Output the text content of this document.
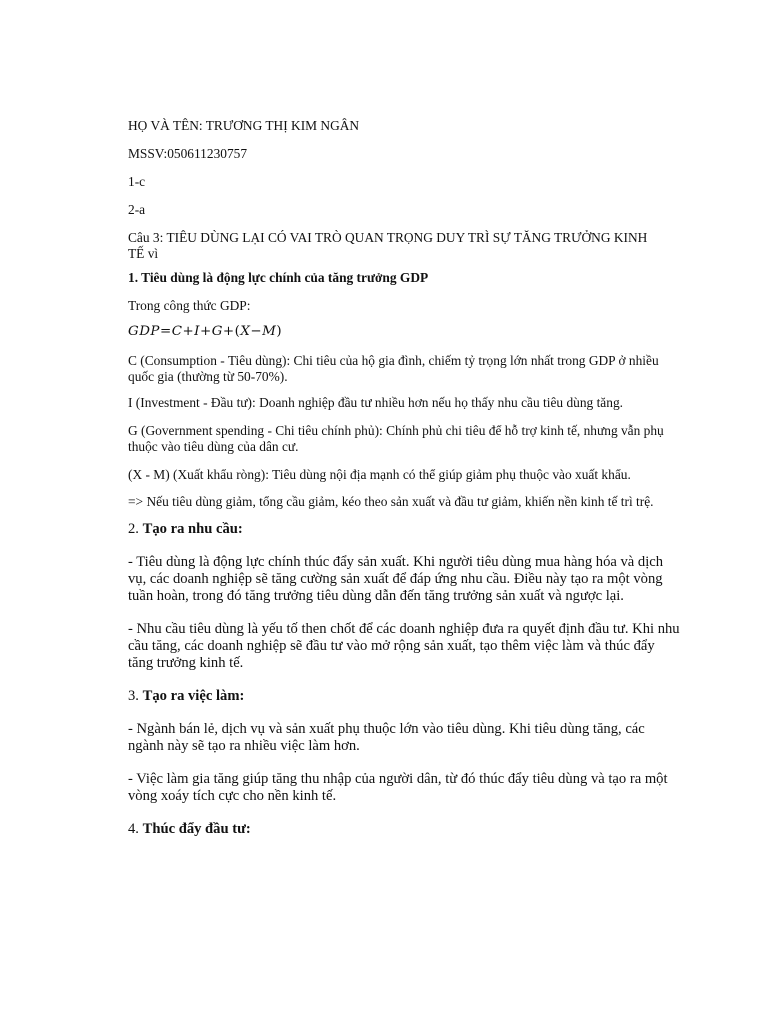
HỌ VÀ TÊN: TRƯƠNG THỊ KIM NGÂN

MSSV:050611230757

1-c

2-a

Câu 3: TIÊU DÙNG LẠI CÓ VAI TRÒ QUAN TRỌNG DUY TRÌ SỰ TĂNG TRƯỞNG KINH TẾ vì

1. Tiêu dùng là động lực chính của tăng trưởng GDP

Trong công thức GDP:

GDP=C+I+G+(X−M)

C (Consumption - Tiêu dùng): Chi tiêu của hộ gia đình, chiếm tỷ trọng lớn nhất trong GDP ở nhiều quốc gia (thường từ 50-70%).

I (Investment - Đầu tư): Doanh nghiệp đầu tư nhiều hơn nếu họ thấy nhu cầu tiêu dùng tăng.

G (Government spending - Chi tiêu chính phủ): Chính phủ chi tiêu để hỗ trợ kinh tế, nhưng vẫn phụ thuộc vào tiêu dùng của dân cư.

(X - M) (Xuất khẩu ròng): Tiêu dùng nội địa mạnh có thể giúp giảm phụ thuộc vào xuất khẩu.

=> Nếu tiêu dùng giảm, tổng cầu giảm, kéo theo sản xuất và đầu tư giảm, khiến nền kinh tế trì trệ.

2. Tạo ra nhu cầu:

- Tiêu dùng là động lực chính thúc đẩy sản xuất. Khi người tiêu dùng mua hàng hóa và dịch vụ, các doanh nghiệp sẽ tăng cường sản xuất để đáp ứng nhu cầu. Điều này tạo ra một vòng tuần hoàn, trong đó tăng trưởng tiêu dùng dẫn đến tăng trưởng sản xuất và ngược lại.

- Nhu cầu tiêu dùng là yếu tố then chốt để các doanh nghiệp đưa ra quyết định đầu tư. Khi nhu cầu tăng, các doanh nghiệp sẽ đầu tư vào mở rộng sản xuất, tạo thêm việc làm và thúc đẩy tăng trưởng kinh tế.

3. Tạo ra việc làm:

- Ngành bán lẻ, dịch vụ và sản xuất phụ thuộc lớn vào tiêu dùng. Khi tiêu dùng tăng, các ngành này sẽ tạo ra nhiều việc làm hơn.

- Việc làm gia tăng giúp tăng thu nhập của người dân, từ đó thúc đẩy tiêu dùng và tạo ra một vòng xoáy tích cực cho nền kinh tế.

4. Thúc đẩy đầu tư:
